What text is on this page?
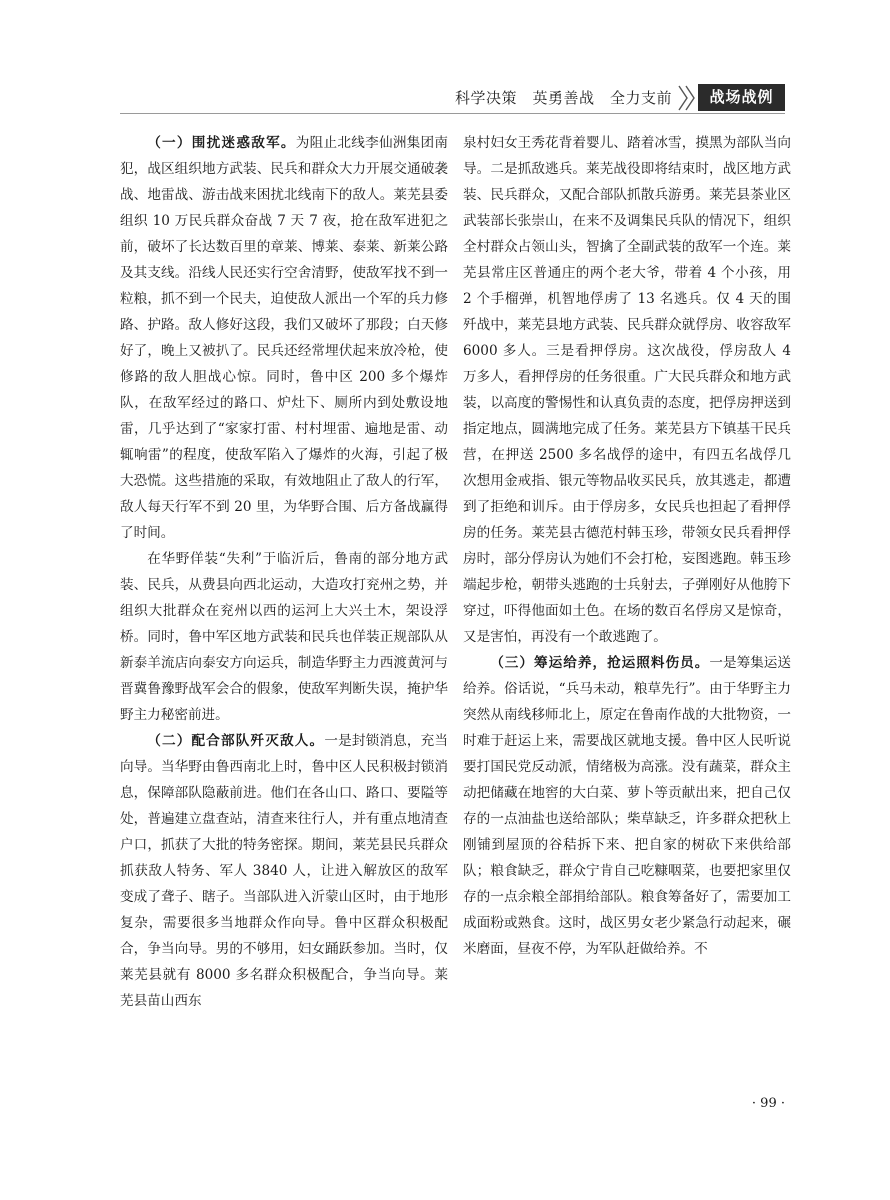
科学决策　英勇善战　全力支前	战场战例

（一）围扰迷惑敌军。为阻止北线李仙洲集团南犯，战区组织地方武装、民兵和群众大力开展交通破袭战、地雷战、游击战来困扰北线南下的敌人。莱芜县委组织 10 万民兵群众奋战 7 天 7 夜，抢在敌军进犯之前，破坏了长达数百里的章莱、博莱、泰莱、新莱公路及其支线。沿线人民还实行空舍清野，使敌军找不到一粒粮，抓不到一个民夫，迫使敌人派出一个军的兵力修路、护路。敌人修好这段，我们又破坏了那段；白天修好了，晚上又被扒了。民兵还经常埋伏起来放冷枪，使修路的敌人胆战心惊。同时，鲁中区 200 多个爆炸队，在敌军经过的路口、炉灶下、厕所内到处敷设地雷，几乎达到了“家家打雷、村村埋雷、遍地是雷、动辄响雷”的程度，使敌军陷入了爆炸的火海，引起了极大恐慌。这些措施的采取，有效地阻止了敌人的行军，敌人每天行军不到 20 里，为华野合围、后方备战赢得了时间。

在华野佯装“失利”于临沂后，鲁南的部分地方武装、民兵，从费县向西北运动，大造攻打兖州之势，并组织大批群众在兖州以西的运河上大兴土木，架设浮桥。同时，鲁中军区地方武装和民兵也佯装正规部队从新泰羊流店向泰安方向运兵，制造华野主力西渡黄河与晋冀鲁豫野战军会合的假象，使敌军判断失误，掩护华野主力秘密前进。

（二）配合部队歼灭敌人。一是封锁消息，充当向导。当华野由鲁西南北上时，鲁中区人民积极封锁消息，保障部队隐蔽前进。他们在各山口、路口、要隘等处，普遍建立盘查站，清查来往行人，并有重点地清查户口，抓获了大批的特务密探。期间，莱芜县民兵群众抓获敌人特务、军人 3840 人，让进入解放区的敌军变成了聋子、瞎子。当部队进入沂蒙山区时，由于地形复杂，需要很多当地群众作向导。鲁中区群众积极配合，争当向导。男的不够用，妇女踊跃参加。当时，仅莱芜县就有 8000 多名群众积极配合，争当向导。莱芜县苗山西东

泉村妇女王秀花背着婴儿、踏着冰雪，摸黑为部队当向导。二是抓敌逃兵。莱芜战役即将结束时，战区地方武装、民兵群众，又配合部队抓散兵游勇。莱芜县茶业区武装部长张崇山，在来不及调集民兵队的情况下，组织全村群众占领山头，智擒了全副武装的敌军一个连。莱芜县常庄区普通庄的两个老大爷，带着 4 个小孩，用 2 个手榴弹，机智地俘虏了 13 名逃兵。仅 4 天的围歼战中，莱芜县地方武装、民兵群众就俘房、收容敌军 6000 多人。三是看押俘房。这次战役，俘房敌人 4 万多人，看押俘房的任务很重。广大民兵群众和地方武装，以高度的警惕性和认真负责的态度，把俘房押送到指定地点，圆满地完成了任务。莱芜县方下镇基干民兵营，在押送 2500 多名战俘的途中，有四五名战俘几次想用金戒指、银元等物品收买民兵，放其逃走，都遭到了拒绝和训斥。由于俘房多，女民兵也担起了看押俘房的任务。莱芜县古德范村韩玉珍，带领女民兵看押俘房时，部分俘房认为她们不会打枪，妄图逃跑。韩玉珍端起步枪，朝带头逃跑的士兵射去，子弹刚好从他胯下穿过，吓得他面如土色。在场的数百名俘房又是惊奇，又是害怕，再没有一个敢逃跑了。

（三）筹运给养，抢运照料伤员。一是筹集运送给养。俗话说，“兵马未动，粮草先行”。由于华野主力突然从南线移师北上，原定在鲁南作战的大批物资，一时难于赶运上来，需要战区就地支援。鲁中区人民听说要打国民党反动派，情绪极为高涨。没有蔬菜，群众主动把储藏在地窖的大白菜、萝卜等贡献出来，把自己仅存的一点油盐也送给部队；柴草缺乏，许多群众把秋上刚铺到屋顶的谷秸拆下来、把自家的树砍下来供给部队；粮食缺乏，群众宁肯自己吃糠咽菜，也要把家里仅存的一点余粮全部捐给部队。粮食筹备好了，需要加工成面粉或熟食。这时，战区男女老少紧急行动起来，碾米磨面，昼夜不停，为军队赶做给养。不

· 99 ·
